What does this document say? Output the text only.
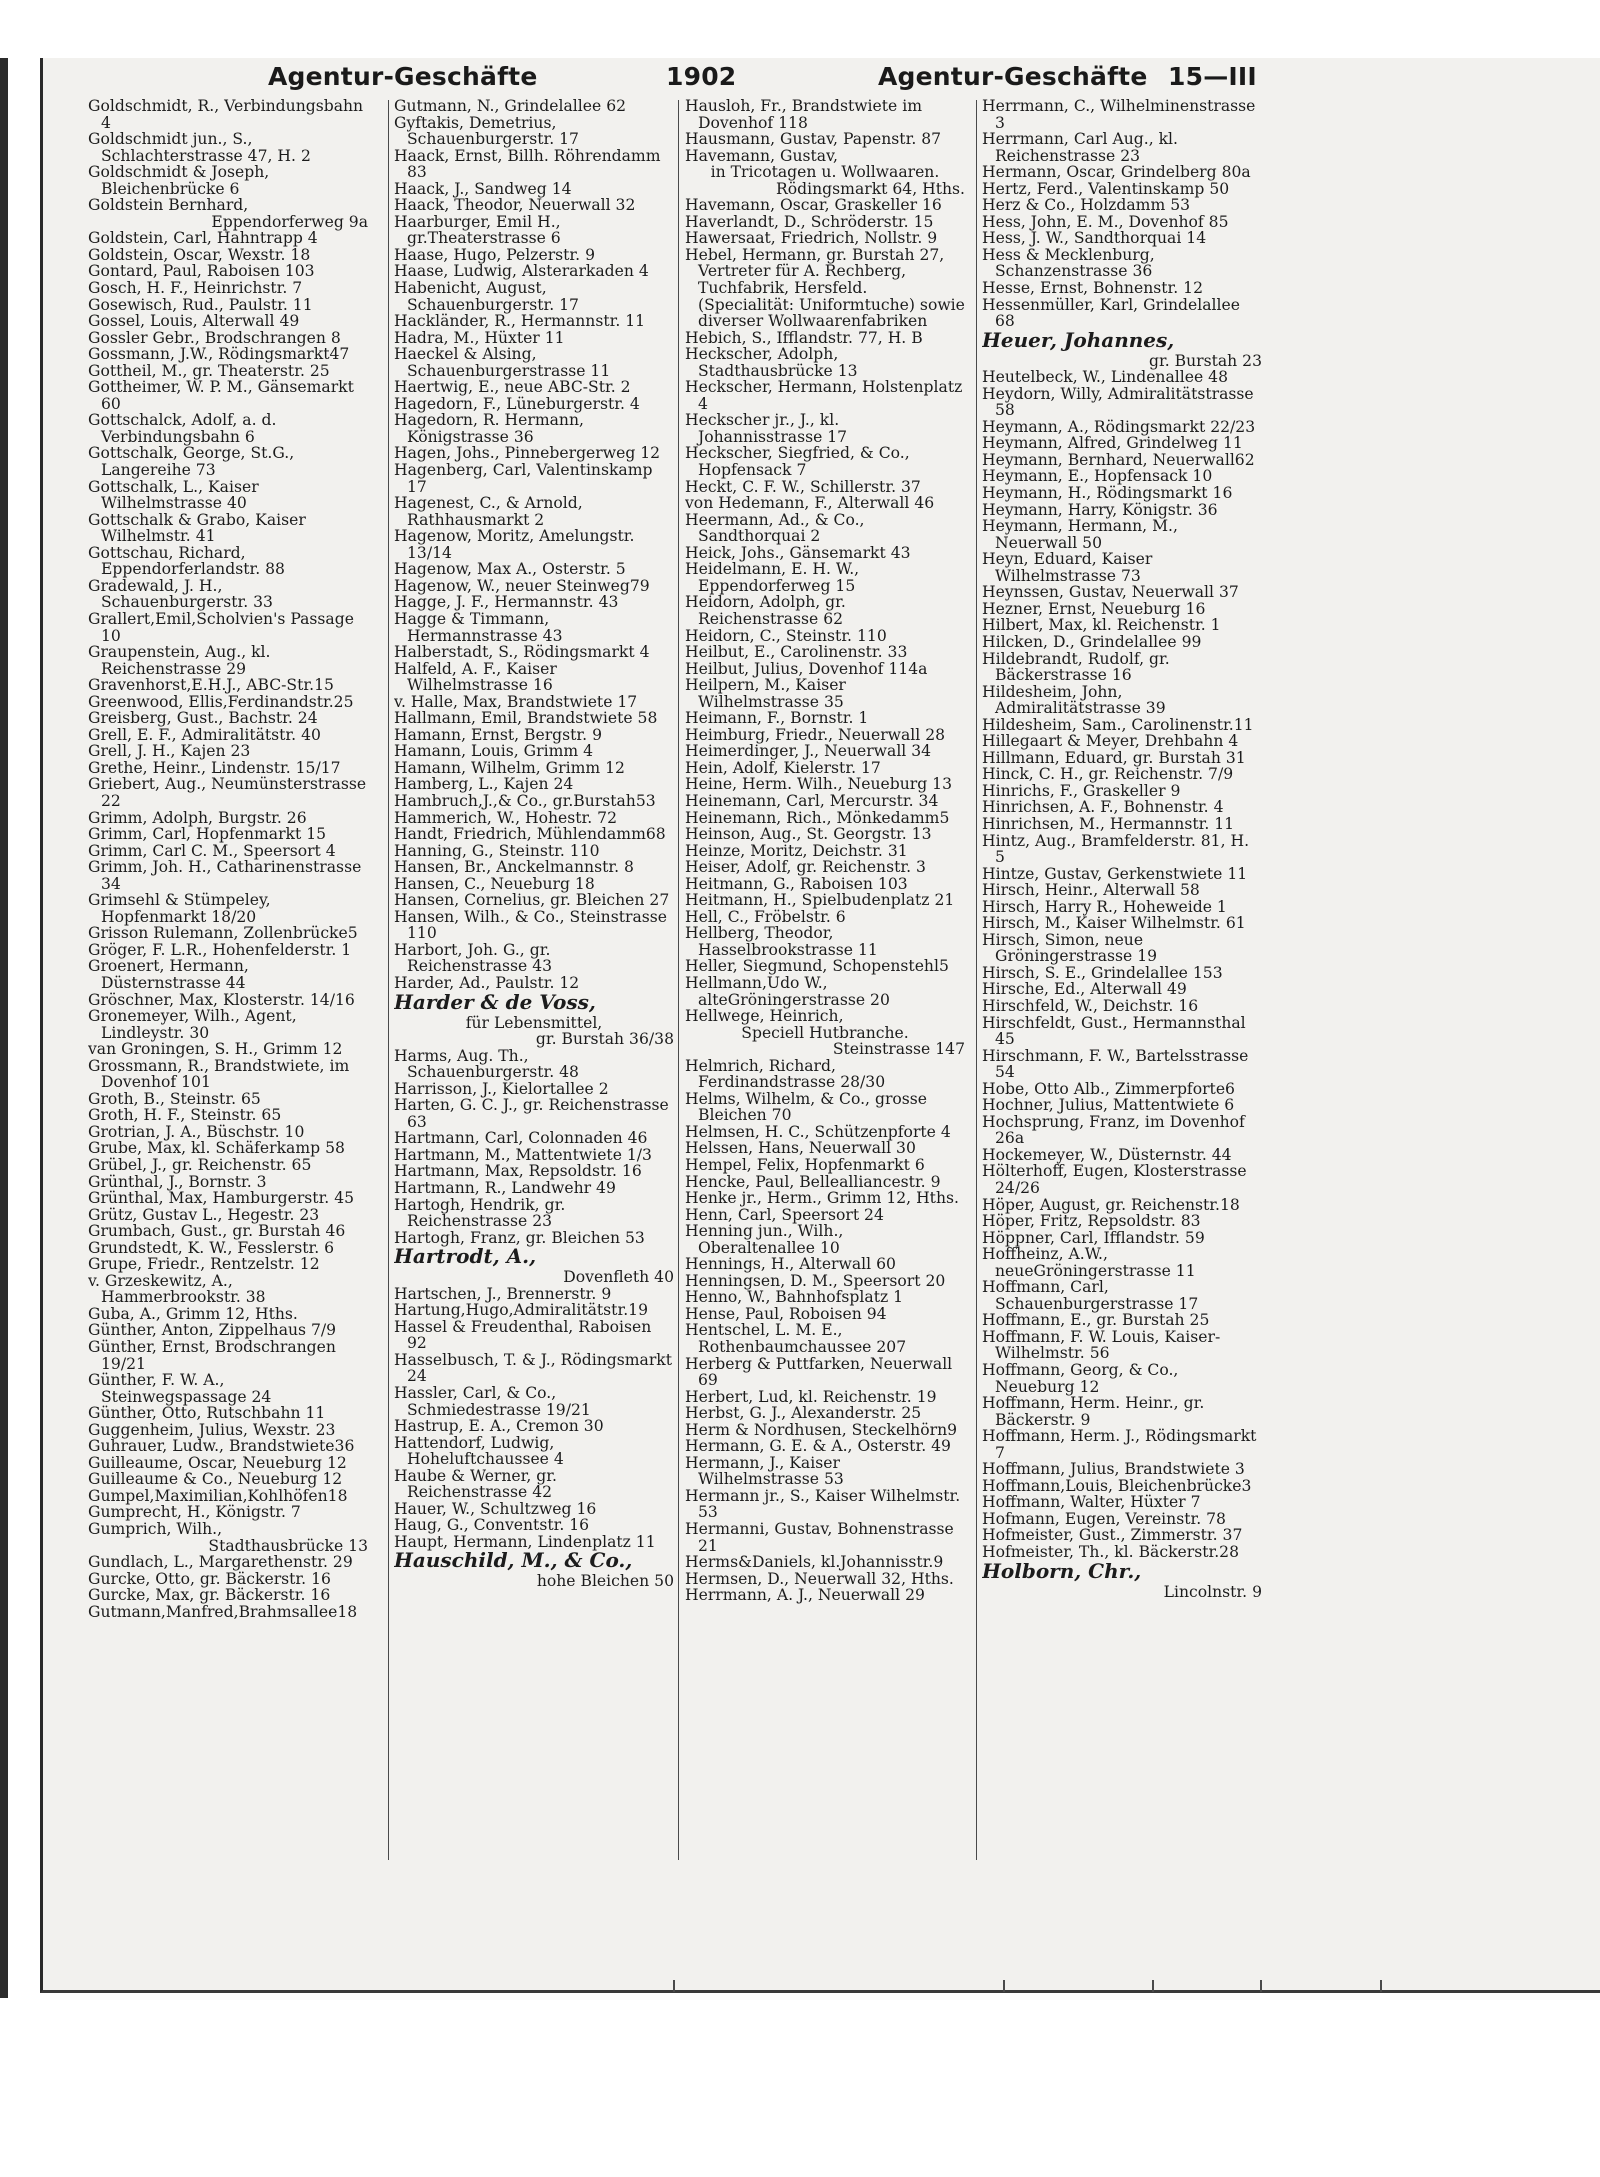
Agentur-Geschäfte	1902	Agentur-Geschäfte 15—III

Goldschmidt, R., Verbindungsbahn 4

Goldschmidt jun., S., Schlachterstrasse 47, H. 2

Goldschmidt & Joseph, Bleichenbrücke 6

Goldstein Bernhard,

Eppendorferweg 9a

Goldstein, Carl, Hahntrapp 4

Goldstein, Oscar, Wexstr. 18

Gontard, Paul, Raboisen 103

Gosch, H. F., Heinrichstr. 7

Gosewisch, Rud., Paulstr. 11

Gossel, Louis, Alterwall 49

Gossler Gebr., Brodschrangen 8

Gossmann, J.W., Rödingsmarkt47

Gottheil, M., gr. Theaterstr. 25

Gottheimer, W. P. M., Gänsemarkt 60

Gottschalck, Adolf, a. d. Verbindungsbahn 6

Gottschalk, George, St.G., Langereihe 73

Gottschalk, L., Kaiser Wilhelmstrasse 40

Gottschalk & Grabo, Kaiser Wilhelmstr. 41

Gottschau, Richard, Eppendorferlandstr. 88

Gradewald, J. H., Schauenburgerstr. 33

Grallert,Emil,Scholvien's Passage 10

Graupenstein, Aug., kl. Reichenstrasse 29

Gravenhorst,E.H.J., ABC-Str.15

Greenwood, Ellis,Ferdinandstr.25

Greisberg, Gust., Bachstr. 24

Grell, E. F., Admiralitätstr. 40

Grell, J. H., Kajen 23

Grethe, Heinr., Lindenstr. 15/17

Griebert, Aug., Neumünsterstrasse 22

Grimm, Adolph, Burgstr. 26

Grimm, Carl, Hopfenmarkt 15

Grimm, Carl C. M., Speersort 4

Grimm, Joh. H., Catharinenstrasse 34

Grimsehl & Stümpeley, Hopfenmarkt 18/20

Grisson Rulemann, Zollenbrücke5

Gröger, F. L.R., Hohenfelderstr. 1

Groenert, Hermann, Düsternstrasse 44

Gröschner, Max, Klosterstr. 14/16

Gronemeyer, Wilh., Agent, Lindleystr. 30

van Groningen, S. H., Grimm 12

Grossmann, R., Brandstwiete, im Dovenhof 101

Groth, B., Steinstr. 65

Groth, H. F., Steinstr. 65

Grotrian, J. A., Büschstr. 10

Grube, Max, kl. Schäferkamp 58

Grübel, J., gr. Reichenstr. 65

Grünthal, J., Bornstr. 3

Grünthal, Max, Hamburgerstr. 45

Grütz, Gustav L., Hegestr. 23

Grumbach, Gust., gr. Burstah 46

Grundstedt, K. W., Fesslerstr. 6

Grupe, Friedr., Rentzelstr. 12

v. Grzeskewitz, A., Hammerbrookstr. 38

Guba, A., Grimm 12, Hths.

Günther, Anton, Zippelhaus 7/9

Günther, Ernst, Brodschrangen 19/21

Günther, F. W. A., Steinwegspassage 24

Günther, Otto, Rutschbahn 11

Guggenheim, Julius, Wexstr. 23

Guhrauer, Ludw., Brandstwiete36

Guilleaume, Oscar, Neueburg 12

Guilleaume & Co., Neueburg 12

Gumpel,Maximilian,Kohlhöfen18

Gumprecht, H., Königstr. 7

Gumprich, Wilh.,

Stadthausbrücke 13

Gundlach, L., Margarethenstr. 29

Gurcke, Otto, gr. Bäckerstr. 16

Gurcke, Max, gr. Bäckerstr. 16

Gutmann,Manfred,Brahmsallee18

Gutmann, N., Grindelallee 62

Gyftakis, Demetrius, Schauenburgerstr. 17

Haack, Ernst, Billh. Röhrendamm 83

Haack, J., Sandweg 14

Haack, Theodor, Neuerwall 32

Haarburger, Emil H., gr.Theaterstrasse 6

Haase, Hugo, Pelzerstr. 9

Haase, Ludwig, Alsterarkaden 4

Habenicht, August, Schauenburgerstr. 17

Hackländer, R., Hermannstr. 11

Hadra, M., Hüxter 11

Haeckel & Alsing, Schauenburgerstrasse 11

Haertwig, E., neue ABC-Str. 2

Hagedorn, F., Lüneburgerstr. 4

Hagedorn, R. Hermann, Königstrasse 36

Hagen, Johs., Pinnebergerweg 12

Hagenberg, Carl, Valentinskamp 17

Hagenest, C., & Arnold, Rathhausmarkt 2

Hagenow, Moritz, Amelungstr. 13/14

Hagenow, Max A., Osterstr. 5

Hagenow, W., neuer Steinweg79

Hagge, J. F., Hermannstr. 43

Hagge & Timmann, Hermannstrasse 43

Halberstadt, S., Rödingsmarkt 4

Halfeld, A. F., Kaiser Wilhelmstrasse 16

v. Halle, Max, Brandstwiete 17

Hallmann, Emil, Brandstwiete 58

Hamann, Ernst, Bergstr. 9

Hamann, Louis, Grimm 4

Hamann, Wilhelm, Grimm 12

Hamberg, L., Kajen 24

Hambruch,J.,& Co., gr.Burstah53

Hammerich, W., Hohestr. 72

Handt, Friedrich, Mühlendamm68

Hanning, G., Steinstr. 110

Hansen, Br., Anckelmannstr. 8

Hansen, C., Neueburg 18

Hansen, Cornelius, gr. Bleichen 27

Hansen, Wilh., & Co., Steinstrasse 110

Harbort, Joh. G., gr. Reichenstrasse 43

Harder, Ad., Paulstr. 12

Harder & de Voss,

für Lebensmittel,

gr. Burstah 36/38

Harms, Aug. Th., Schauenburgerstr. 48

Harrisson, J., Kielortallee 2

Harten, G. C. J., gr. Reichenstrasse 63

Hartmann, Carl, Colonnaden 46

Hartmann, M., Mattentwiete 1/3

Hartmann, Max, Repsoldstr. 16

Hartmann, R., Landwehr 49

Hartogh, Hendrik, gr. Reichenstrasse 23

Hartogh, Franz, gr. Bleichen 53

Hartrodt, A.,

Dovenfleth 40

Hartschen, J., Brennerstr. 9

Hartung,Hugo,Admiralitätstr.19

Hassel & Freudenthal, Raboisen 92

Hasselbusch, T. & J., Rödingsmarkt 24

Hassler, Carl, & Co., Schmiedestrasse 19/21

Hastrup, E. A., Cremon 30

Hattendorf, Ludwig, Hoheluftchaussee 4

Haube & Werner, gr. Reichenstrasse 42

Hauer, W., Schultzweg 16

Haug, G., Conventstr. 16

Haupt, Hermann, Lindenplatz 11

Hauschild, M., & Co.,

hohe Bleichen 50

Hausloh, Fr., Brandstwiete im Dovenhof 118

Hausmann, Gustav, Papenstr. 87

Havemann, Gustav,

in Tricotagen u. Wollwaaren.

Rödingsmarkt 64, Hths.

Havemann, Oscar, Graskeller 16

Haverlandt, D., Schröderstr. 15

Hawersaat, Friedrich, Nollstr. 9

Hebel, Hermann, gr. Burstah 27, Vertreter für A. Rechberg, Tuchfabrik, Hersfeld. (Specialität: Uniformtuche) sowie diverser Wollwaarenfabriken

Hebich, S., Ifflandstr. 77, H. B

Heckscher, Adolph, Stadthausbrücke 13

Heckscher, Hermann, Holstenplatz 4

Heckscher jr., J., kl. Johannisstrasse 17

Heckscher, Siegfried, & Co., Hopfensack 7

Heckt, C. F. W., Schillerstr. 37

von Hedemann, F., Alterwall 46

Heermann, Ad., & Co., Sandthorquai 2

Heick, Johs., Gänsemarkt 43

Heidelmann, E. H. W., Eppendorferweg 15

Heidorn, Adolph, gr. Reichenstrasse 62

Heidorn, C., Steinstr. 110

Heilbut, E., Carolinenstr. 33

Heilbut, Julius, Dovenhof 114a

Heilpern, M., Kaiser Wilhelmstrasse 35

Heimann, F., Bornstr. 1

Heimburg, Friedr., Neuerwall 28

Heimerdinger, J., Neuerwall 34

Hein, Adolf, Kielerstr. 17

Heine, Herm. Wilh., Neueburg 13

Heinemann, Carl, Mercurstr. 34

Heinemann, Rich., Mönkedamm5

Heinson, Aug., St. Georgstr. 13

Heinze, Moritz, Deichstr. 31

Heiser, Adolf, gr. Reichenstr. 3

Heitmann, G., Raboisen 103

Heitmann, H., Spielbudenplatz 21

Hell, C., Fröbelstr. 6

Hellberg, Theodor, Hasselbrookstrasse 11

Heller, Siegmund, Schopenstehl5

Hellmann,Udo W., alteGröningerstrasse 20

Hellwege, Heinrich,

Speciell Hutbranche.

Steinstrasse 147

Helmrich, Richard, Ferdinandstrasse 28/30

Helms, Wilhelm, & Co., grosse Bleichen 70

Helmsen, H. C., Schützenpforte 4

Helssen, Hans, Neuerwall 30

Hempel, Felix, Hopfenmarkt 6

Hencke, Paul, Bellealliancestr. 9

Henke jr., Herm., Grimm 12, Hths.

Henn, Carl, Speersort 24

Henning jun., Wilh., Oberaltenallee 10

Hennings, H., Alterwall 60

Henningsen, D. M., Speersort 20

Henno, W., Bahnhofsplatz 1

Hense, Paul, Roboisen 94

Hentschel, L. M. E., Rothenbaumchaussee 207

Herberg & Puttfarken, Neuerwall 69

Herbert, Lud, kl. Reichenstr. 19

Herbst, G. J., Alexanderstr. 25

Herm & Nordhusen, Steckelhörn9

Hermann, G. E. & A., Osterstr. 49

Hermann, J., Kaiser Wilhelmstrasse 53

Hermann jr., S., Kaiser Wilhelmstr. 53

Hermanni, Gustav, Bohnenstrasse 21

Herms&Daniels, kl.Johannisstr.9

Hermsen, D., Neuerwall 32, Hths.

Herrmann, A. J., Neuerwall 29

Herrmann, C., Wilhelminenstrasse 3

Herrmann, Carl Aug., kl. Reichenstrasse 23

Hermann, Oscar, Grindelberg 80a

Hertz, Ferd., Valentinskamp 50

Herz & Co., Holzdamm 53

Hess, John, E. M., Dovenhof 85

Hess, J. W., Sandthorquai 14

Hess & Mecklenburg, Schanzenstrasse 36

Hesse, Ernst, Bohnenstr. 12

Hessenmüller, Karl, Grindelallee 68

Heuer, Johannes,

gr. Burstah 23

Heutelbeck, W., Lindenallee 48

Heydorn, Willy, Admiralitätstrasse 58

Heymann, A., Rödingsmarkt 22/23

Heymann, Alfred, Grindelweg 11

Heymann, Bernhard, Neuerwall62

Heymann, E., Hopfensack 10

Heymann, H., Rödingsmarkt 16

Heymann, Harry, Königstr. 36

Heymann, Hermann, M., Neuerwall 50

Heyn, Eduard, Kaiser Wilhelmstrasse 73

Heynssen, Gustav, Neuerwall 37

Hezner, Ernst, Neueburg 16

Hilbert, Max, kl. Reichenstr. 1

Hilcken, D., Grindelallee 99

Hildebrandt, Rudolf, gr. Bäckerstrasse 16

Hildesheim, John, Admiralitätstrasse 39

Hildesheim, Sam., Carolinenstr.11

Hillegaart & Meyer, Drehbahn 4

Hillmann, Eduard, gr. Burstah 31

Hinck, C. H., gr. Reichenstr. 7/9

Hinrichs, F., Graskeller 9

Hinrichsen, A. F., Bohnenstr. 4

Hinrichsen, M., Hermannstr. 11

Hintz, Aug., Bramfelderstr. 81, H. 5

Hintze, Gustav, Gerkenstwiete 11

Hirsch, Heinr., Alterwall 58

Hirsch, Harry R., Hoheweide 1

Hirsch, M., Kaiser Wilhelmstr. 61

Hirsch, Simon, neue Gröningerstrasse 19

Hirsch, S. E., Grindelallee 153

Hirsche, Ed., Alterwall 49

Hirschfeld, W., Deichstr. 16

Hirschfeldt, Gust., Hermannsthal 45

Hirschmann, F. W., Bartelsstrasse 54

Hobe, Otto Alb., Zimmerpforte6

Hochner, Julius, Mattentwiete 6

Hochsprung, Franz, im Dovenhof 26a

Hockemeyer, W., Düsternstr. 44

Hölterhoff, Eugen, Klosterstrasse 24/26

Höper, August, gr. Reichenstr.18

Höper, Fritz, Repsoldstr. 83

Höppner, Carl, Ifflandstr. 59

Hoffheinz, A.W., neueGröningerstrasse 11

Hoffmann, Carl, Schauenburgerstrasse 17

Hoffmann, E., gr. Burstah 25

Hoffmann, F. W. Louis, Kaiser-Wilhelmstr. 56

Hoffmann, Georg, & Co., Neueburg 12

Hoffmann, Herm. Heinr., gr. Bäckerstr. 9

Hoffmann, Herm. J., Rödingsmarkt 7

Hoffmann, Julius, Brandstwiete 3

Hoffmann,Louis, Bleichenbrücke3

Hoffmann, Walter, Hüxter 7

Hofmann, Eugen, Vereinstr. 78

Hofmeister, Gust., Zimmerstr. 37

Hofmeister, Th., kl. Bäckerstr.28

Holborn, Chr.,

Lincolnstr. 9
